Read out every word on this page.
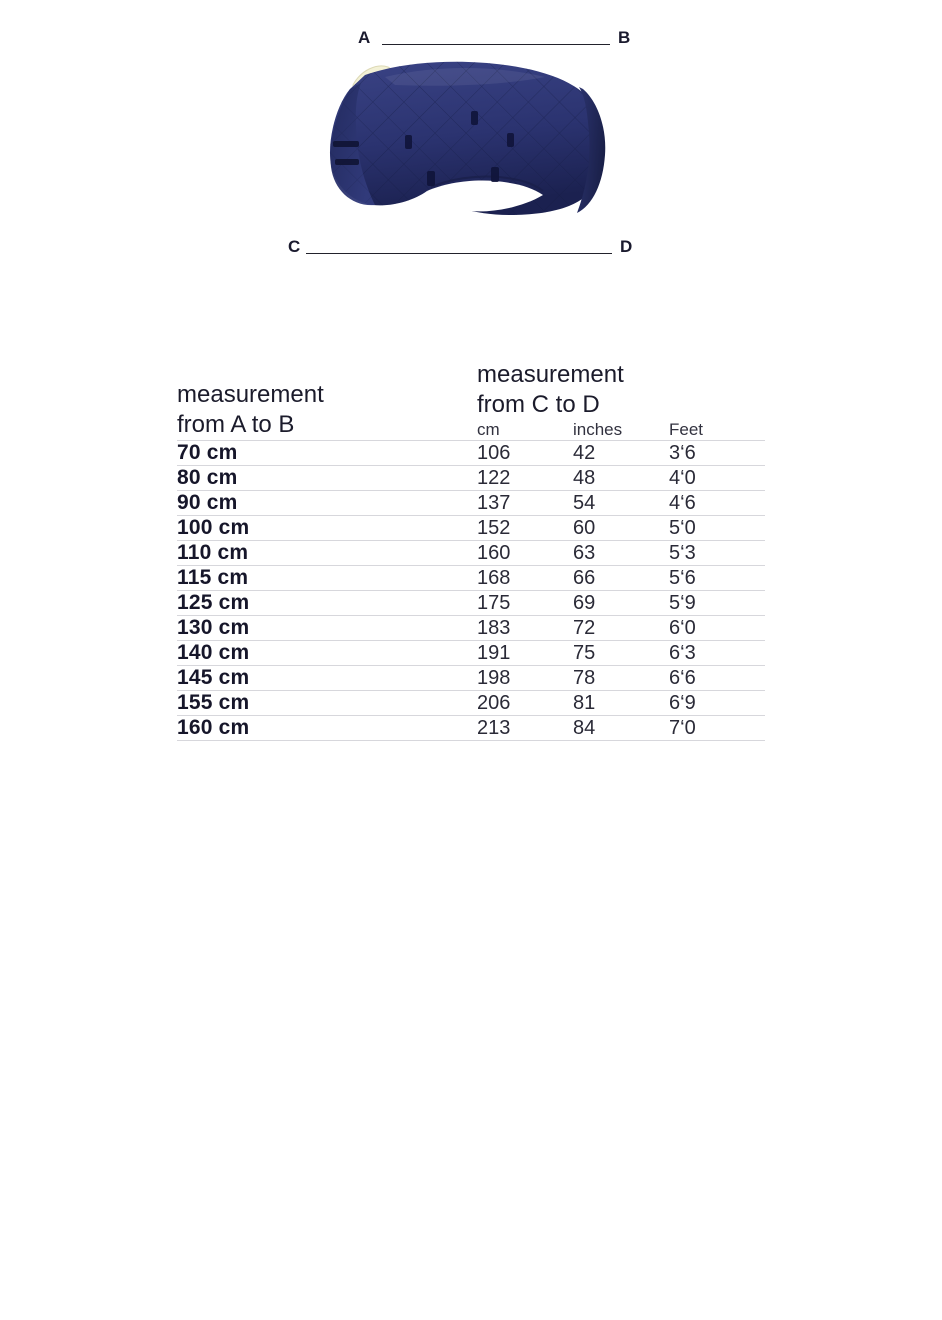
A	B
C	D
measurement
from A to B

measurement
from C to D

	cm	inches	Feet
70 cm	106	42	3‘6
80 cm	122	48	4‘0
90 cm	137	54	4‘6
100 cm	152	60	5‘0
110 cm	160	63	5‘3
115 cm	168	66	5‘6
125 cm	175	69	5‘9
130 cm	183	72	6‘0
140 cm	191	75	6‘3
145 cm	198	78	6‘6
155 cm	206	81	6‘9
160 cm	213	84	7‘0
